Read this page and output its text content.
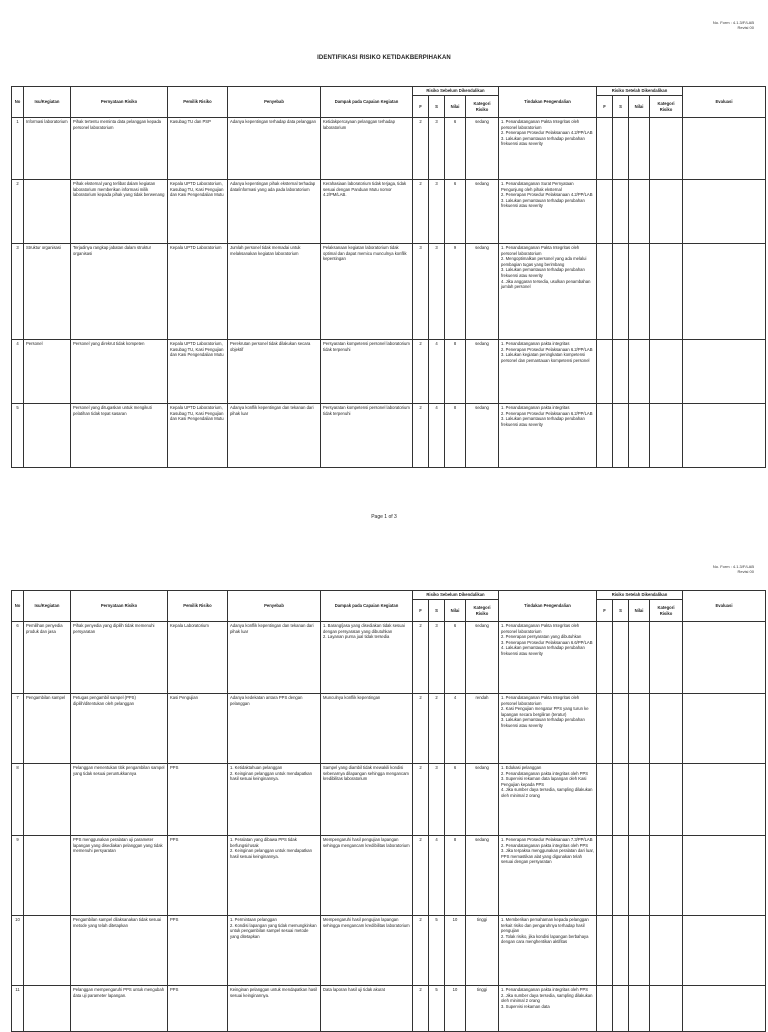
No. Form : 4.1.3/F/LAB
Revisi 00
IDENTIFIKASI RISIKO KETIDAKBERPIHAKAN
No	Isu/Kegiatan	Pernyataan Risiko	Pemilik Risiko	Penyebab	Dampak pada Capaian Kegiatan	Risiko Sebelum Dikendalikan				Tindakan Pengendalian	Risiko Setelah Dikendalikan				Evaluasi
						F	S	Nilai	Kategori Risiko		F	S	Nilai	Kategori Risiko	
1	Informasi laboratorium	Pihak tertentu meminta data pelanggan kepada personel laboratorium	Kasubag TU dan PSP	Adanya kepentingan terhadap data pelanggan	Ketidakpercayaan pelanggan terhadap laboratorium	2	3	6	sedang	1. Penandatanganan Pakta Integritas oleh personel laboratorium
2. Penerapan Prosedur Pelaksanaan 4.2/PP/LAB
3. Lakukan pemantauan terhadap perubahan frekuensi atau severity					
2		Pihak eksternal yang terlibat dalam kegiatan laboratorium memberikan informasi milik laboratorium kepada pihak yang tidak berwenang	Kepala UPTD Laboratorium, Kasubag TU, Kasi Pengujian dan Kasi Pengendalian Mutu	Adanya kepentingan pihak eksternal terhadap data/informasi yang ada pada laboratorium	Kerahasiaan laboratorium tidak terjaga, tidak sesuai dengan Panduan Mutu nomor 4.2/PM/LAB.	2	3	6	sedang	1. Penandatanganan Surat Pernyataan Pengunjung oleh pihak eksternal
2. Penerapan Prosedur Pelaksanaan 4.2/PP/LAB
3. Lakukan pemantauan terhadap perubahan frekuensi atau severity					
3	Struktur organisasi	Terjadinya rangkap jabatan dalam struktur organisasi	Kepala UPTD Laboratorium	Jumlah personel tidak memadai untuk melaksanakan kegiatan laboratorium	Pelaksanaan kegiatan laboratorium tidak optimal dan dapat memicu munculnya konflik kepentingan	3	3	9	sedang	1. Penandatanganan Pakta Integritas oleh personel laboratorium
2. Mengoptimalkan personel yang ada melalui pembagian tugas yang berimbang
3. Lakukan pemantauan terhadap perubahan frekuensi atau severity
4. Jika anggaran tersedia, usulkan penambahan jumlah personel					
4	Personel	Personel yang direkrut tidak kompeten	Kepala UPTD Laboratorium, Kasubag TU, Kasi Pengujian dan Kasi Pengendalian Mutu	Perekrutan personel tidak dilakukan secara objektif	Persyaratan kompetensi personel laboratorium tidak terpenuhi	2	4	8	sedang	1. Penandatanganan pakta integritas
2. Penerapan Prosedur Pelaksanaan 6.2/PP/LAB
3. Lakukan kegiatan peningkatan kompetensi personel dan pemantauan kompetensi personel					
5		Personel yang ditugaskan untuk mengikuti pelatihan tidak tepat sasaran	Kepala UPTD Laboratorium, Kasubag TU, Kasi Pengujian dan Kasi Pengendalian Mutu	Adanya konflik kepentingan dan tekanan dari pihak luar	Persyaratan kompetensi personel laboratorium tidak terpenuhi	2	4	8	sedang	1. Penandatanganan pakta integritas
2. Penerapan Prosedur Pelaksanaan 6.2/PP/LAB
3. Lakukan pemantauan terhadap perubahan frekuensi atau severity					
Page 1 of 3
No. Form : 4.1.3/F/LAB
Revisi 00
No	Isu/Kegiatan	Pernyataan Risiko	Pemilik Risiko	Penyebab	Dampak pada Capaian Kegiatan	Risiko Sebelum Dikendalikan				Tindakan Pengendalian	Risiko Setelah Dikendalikan				Evaluasi
						F	S	Nilai	Kategori Risiko		F	S	Nilai	Kategori Risiko	
6	Pemilihan penyedia produk dan jasa	Pihak penyedia yang dipilih tidak memenuhi persyaratan	Kepala Laboratorium	Adanya konflik kepentingan dan tekanan dari pihak luar	1. Barang/jasa yang disediakan tidak sesuai dengan persyaratan yang dibutuhkan
2. Layanan purna jual tidak tersedia	2	3	6	sedang	1. Penandatanganan Pakta Integritas oleh personel laboratorium
2. Penerapan persyaratan yang dibutuhkan
3. Penerapan Prosedur Pelaksanaan 6.6/PP/LAB
4. Lakukan pemantauan terhadap perubahan frekuensi atau severity					
7	Pengambilan sampel	Petugas pengambil sampel (PPS) dipilih/ditentukan oleh pelanggan	Kasi Pengujian	Adanya kedekatan antara PPS dengan pelanggan	Munculnya konflik kepentingan	2	2	4	rendah	1. Penandatanganan Pakta Integritas oleh personel laboratorium
2. Kasi Pengujian mengatur PPS yang turun ke lapangan secara bergiliran (teratur)
3. Lakukan pemantauan terhadap perubahan frekuensi atau severity					
8		Pelanggan menentukan titik pengambilan sampel yang tidak sesuai peruntukkannya	PPS	1. Ketidaktahuan pelanggan
2. Keinginan pelanggan untuk mendapatkan hasil sesuai keinginannya.	Sampel yang diambil tidak mewakili kondisi sebenarnya dilapangan sehingga mengancam kredibilitas laboratorium	2	3	6	sedang	1. Edukasi pelanggan
2. Penandatanganan pakta integritas oleh PPS
3. Supervisi rekaman data lapangan oleh Kasi Pengujian kepada PPS
4. Jika sumber daya tersedia, sampling dilakukan oleh minimal 2 orang					
9		PPS menggunakan peralatan uji parameter lapangan yang disediakan pelanggan yang tidak memenuhi persyaratan	PPS	1. Peralatan yang dibawa PPS tidak berfungsi/rusak
2. Keinginan pelanggan untuk mendapatkan hasil sesuai keinginannya.	Mempengaruhi hasil pengujian lapangan sehingga mengancam kredibilitas laboratorium	2	4	8	sedang	1. Penerapan Prosedur Pelaksanaan 7.3/PP/LAB
2. Penandatanganan pakta integritas oleh PPS
3. Jika terpaksa menggunakan peralatan dari luar, PPS memastikan alat yang digunakan telah sesuai dengan persyaratan					
10		Pengambilan sampel dilaksanakan tidak sesuai metode yang telah ditetapkan	PPS	1. Permintaan pelanggan
2. Kondisi lapangan yang tidak memungkinkan untuk pengambilan sampel sesuai metode yang ditetapkan	Mempengaruhi hasil pengujian lapangan sehingga mengancam kredibilitas laboratorium	2	5	10	tinggi	1. Memberikan pemahaman kepada pelanggan terkait risiko dan pengaruhnya terhadap hasil pengujian
2. Tolak risiko, jika kondisi lapangan berbahaya dengan cara menghentikan aktifitas					
11		Pelanggan mempengaruhi PPS untuk mengubah data uji parameter lapangan.	PPS	Keinginan pelanggan untuk mendapatkan hasil sesuai keinginannya.	Data laporan hasil uji tidak akurat	2	5	10	tinggi	1. Penandatanganan pakta integritas oleh PPS
2. Jika sumber daya tersedia, sampling dilakukan oleh minimal 2 orang
3. Supervisi rekaman data					
